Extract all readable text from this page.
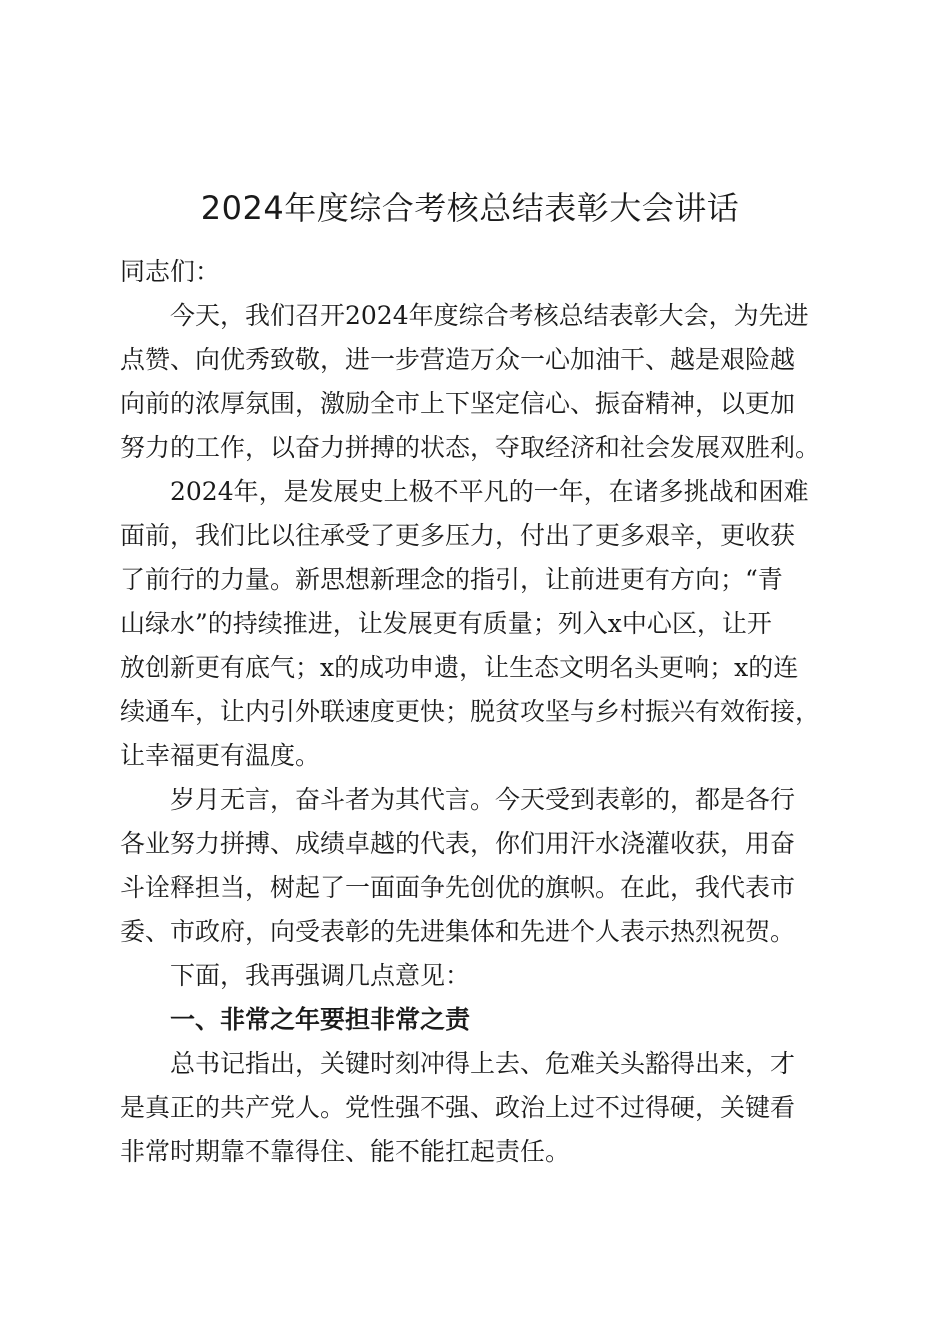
2024年度综合考核总结表彰大会讲话
同志们：
今天，我们召开2024年度综合考核总结表彰大会，为先进
点赞、向优秀致敬，进一步营造万众一心加油干、越是艰险越
向前的浓厚氛围，激励全市上下坚定信心、振奋精神，以更加
努力的工作，以奋力拼搏的状态，夺取经济和社会发展双胜利。
2024年，是发展史上极不平凡的一年，在诸多挑战和困难
面前，我们比以往承受了更多压力，付出了更多艰辛，更收获
了前行的力量。新思想新理念的指引，让前进更有方向；“青
山绿水”的持续推进，让发展更有质量；列入x中心区，让开
放创新更有底气；x的成功申遗，让生态文明名头更响；x的连
续通车，让内引外联速度更快；脱贫攻坚与乡村振兴有效衔接，
让幸福更有温度。
岁月无言，奋斗者为其代言。今天受到表彰的，都是各行
各业努力拼搏、成绩卓越的代表，你们用汗水浇灌收获，用奋
斗诠释担当，树起了一面面争先创优的旗帜。在此，我代表市
委、市政府，向受表彰的先进集体和先进个人表示热烈祝贺。
下面，我再强调几点意见：
一、非常之年要担非常之责
总书记指出，关键时刻冲得上去、危难关头豁得出来，才
是真正的共产党人。党性强不强、政治上过不过得硬，关键看
非常时期靠不靠得住、能不能扛起责任。
